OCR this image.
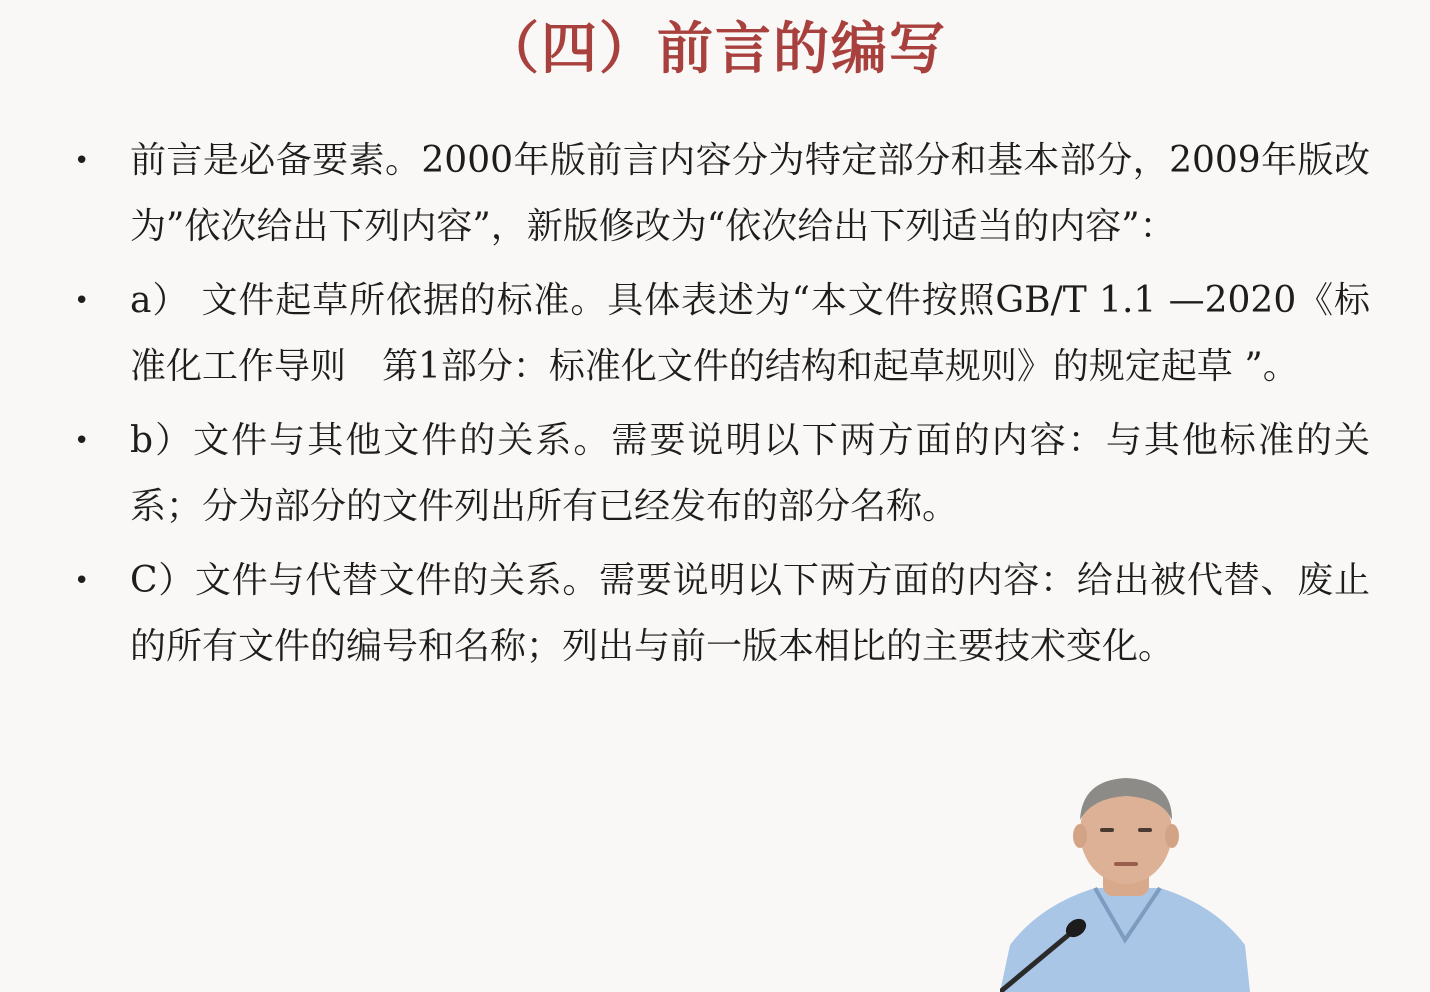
（四）前言的编写
• 前言是必备要素。2000年版前言内容分为特定部分和基本部分，2009年版改为”依次给出下列内容”，新版修改为“依次给出下列适当的内容”：
• a） 文件起草所依据的标准。具体表述为“本文件按照GB/T 1.1 —2020《标准化工作导则　第1部分：标准化文件的结构和起草规则》的规定起草 ”。
• b）文件与其他文件的关系。需要说明以下两方面的内容：与其他标准的关系；分为部分的文件列出所有已经发布的部分名称。
• C）文件与代替文件的关系。需要说明以下两方面的内容：给出被代替、废止的所有文件的编号和名称；列出与前一版本相比的主要技术变化。
